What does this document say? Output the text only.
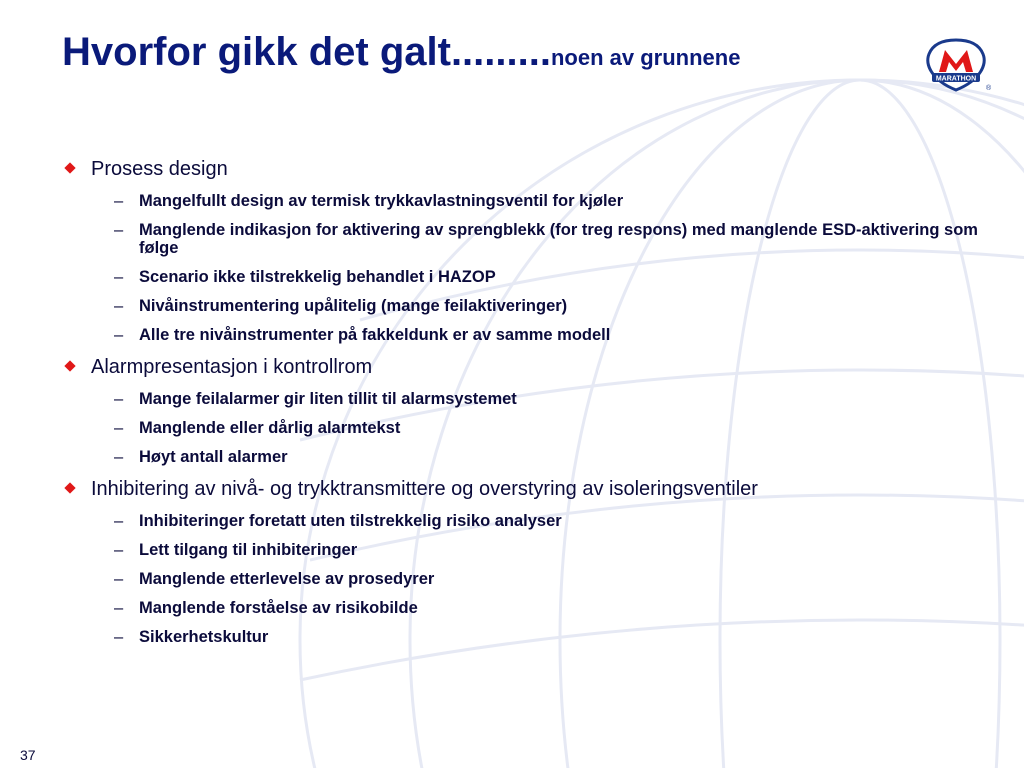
Hvorfor gikk det galt.........noen av grunnene
MARATHON
®
Prosess design
– Mangelfullt design av termisk trykkavlastningsventil for kjøler
– Manglende indikasjon for aktivering av sprengblekk (for treg respons) med manglende ESD-aktivering som følge
– Scenario ikke tilstrekkelig behandlet i HAZOP
– Nivåinstrumentering upålitelig (mange feilaktiveringer)
– Alle tre nivåinstrumenter på fakkeldunk er av samme modell
Alarmpresentasjon i kontrollrom
– Mange feilalarmer gir liten tillit til alarmsystemet
– Manglende eller dårlig alarmtekst
– Høyt antall alarmer
Inhibitering av nivå- og trykktransmittere og overstyring av isoleringsventiler
– Inhibiteringer foretatt uten tilstrekkelig risiko analyser
– Lett tilgang til inhibiteringer
– Manglende etterlevelse av prosedyrer
– Manglende forståelse av risikobilde
– Sikkerhetskultur
37
